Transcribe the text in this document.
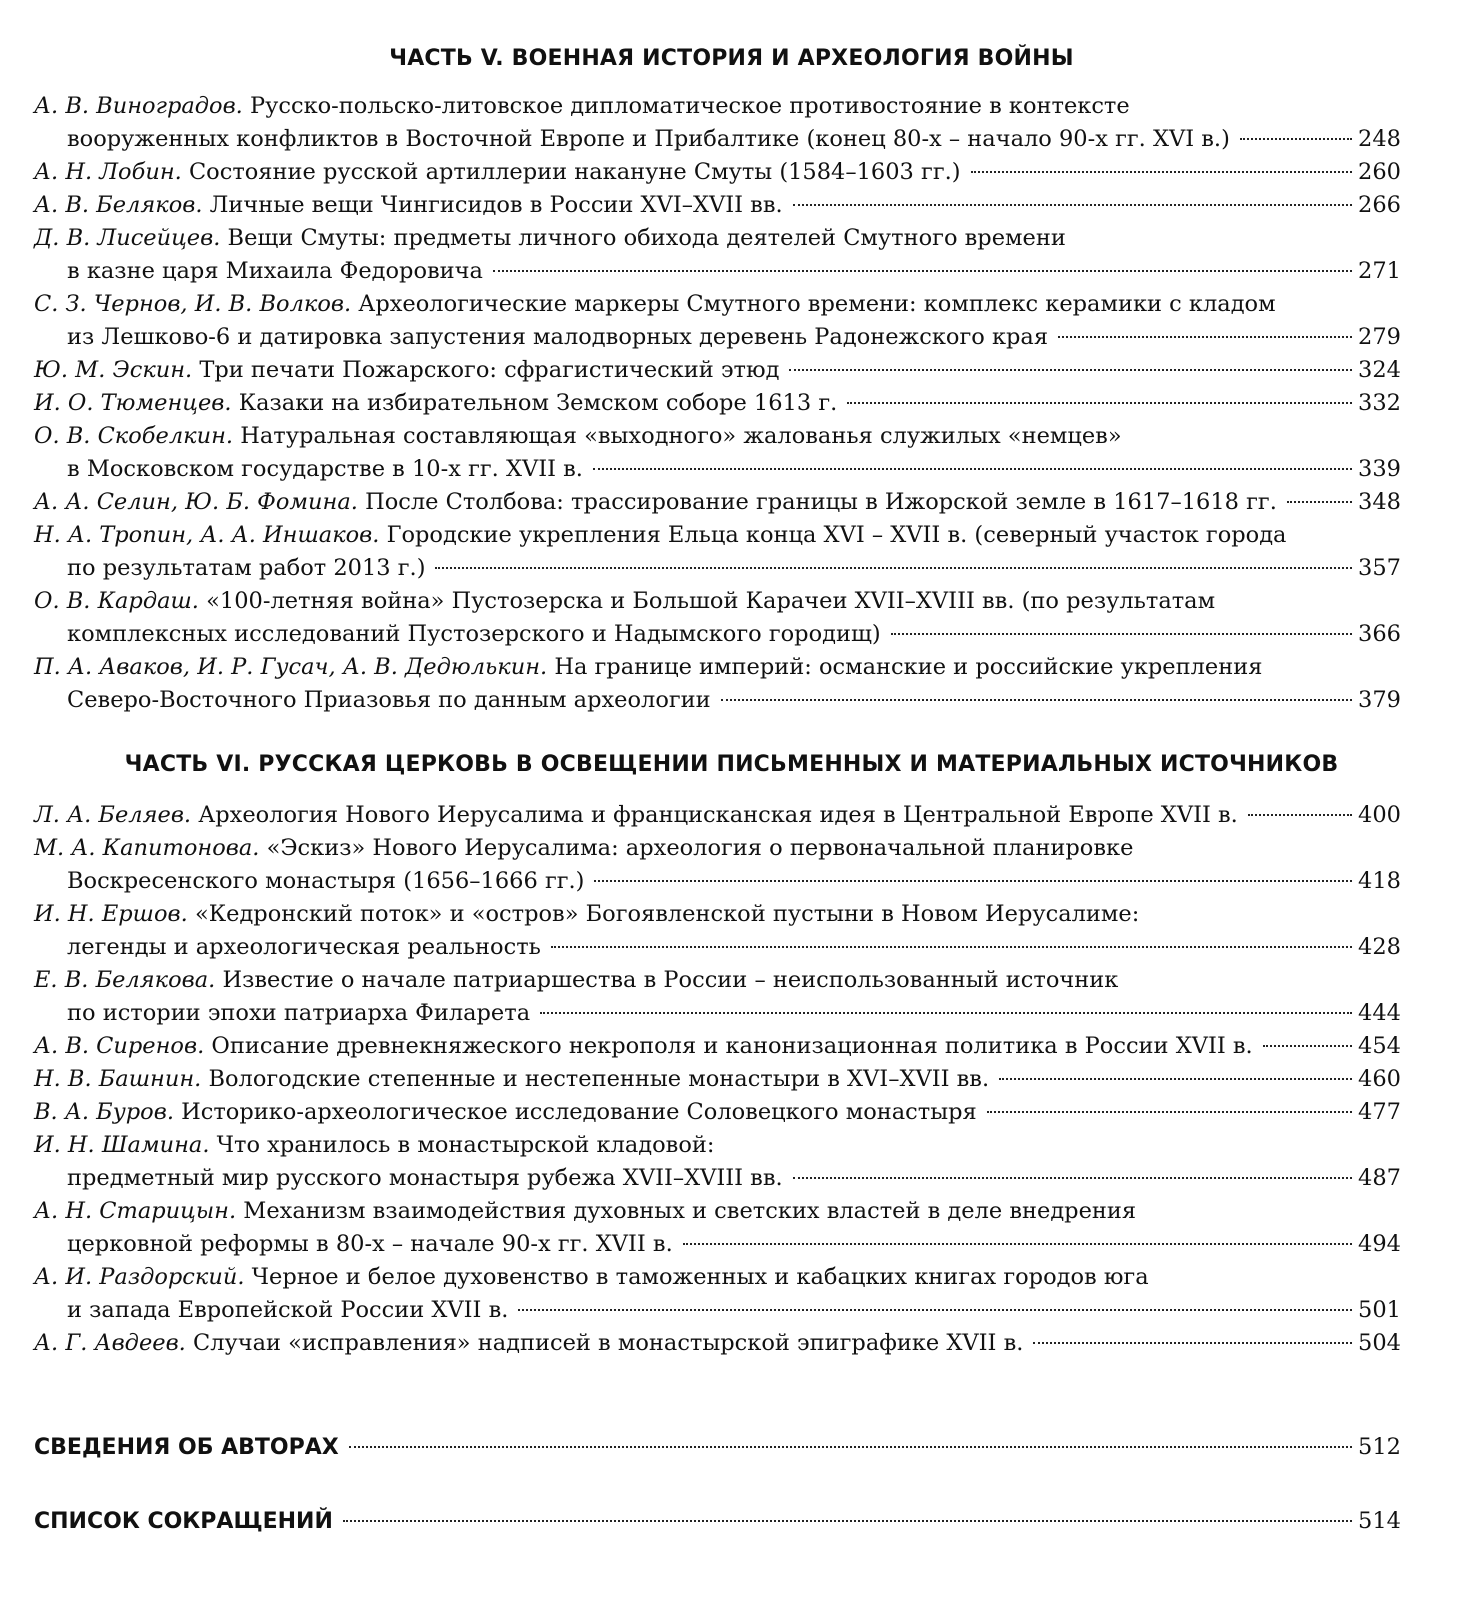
ЧАСТЬ V. ВОЕННАЯ ИСТОРИЯ И АРХЕОЛОГИЯ ВОЙНЫ
А. В. Виноградов. Русско-польско-литовское дипломатическое противостояние в контексте
вооруженных конфликтов в Восточной Европе и Прибалтике (конец 80-х – начало 90-х гг. XVI в.)	248
А. Н. Лобин. Состояние русской артиллерии накануне Смуты (1584–1603 гг.)	260
А. В. Беляков. Личные вещи Чингисидов в России XVI–XVII вв.	266
Д. В. Лисейцев. Вещи Смуты: предметы личного обихода деятелей Смутного времени
в казне царя Михаила Федоровича	271
С. З. Чернов, И. В. Волков. Археологические маркеры Смутного времени: комплекс керамики с кладом
из Лешково-6 и датировка запустения малодворных деревень Радонежского края	279
Ю. М. Эскин. Три печати Пожарского: сфрагистический этюд	324
И. О. Тюменцев. Казаки на избирательном Земском соборе 1613 г.	332
О. В. Скобелкин. Натуральная составляющая «выходного» жалованья служилых «немцев»
в Московском государстве в 10-х гг. XVII в.	339
А. А. Селин, Ю. Б. Фомина. После Столбова: трассирование границы в Ижорской земле в 1617–1618 гг.	348
Н. А. Тропин, А. А. Иншаков. Городские укрепления Ельца конца XVI – XVII в. (северный участок города
по результатам работ 2013 г.)	357
О. В. Кардаш. «100-летняя война» Пустозерска и Большой Карачеи XVII–XVIII вв. (по результатам
комплексных исследований Пустозерского и Надымского городищ)	366
П. А. Аваков, И. Р. Гусач, А. В. Дедюлькин. На границе империй: османские и российские укрепления
Северо-Восточного Приазовья по данным археологии	379
ЧАСТЬ VI. РУССКАЯ ЦЕРКОВЬ В ОСВЕЩЕНИИ ПИСЬМЕННЫХ И МАТЕРИАЛЬНЫХ ИСТОЧНИКОВ
Л. А. Беляев. Археология Нового Иерусалима и францисканская идея в Центральной Европе XVII в.	400
М. А. Капитонова. «Эскиз» Нового Иерусалима: археология о первоначальной планировке
Воскресенского монастыря (1656–1666 гг.)	418
И. Н. Ершов. «Кедронский поток» и «остров» Богоявленской пустыни в Новом Иерусалиме:
легенды и археологическая реальность	428
Е. В. Белякова. Известие о начале патриаршества в России – неиспользованный источник
по истории эпохи патриарха Филарета	444
А. В. Сиренов. Описание древнекняжеского некрополя и канонизационная политика в России XVII в.	454
Н. В. Башнин. Вологодские степенные и нестепенные монастыри в XVI–XVII вв.	460
В. А. Буров. Историко-археологическое исследование Соловецкого монастыря	477
И. Н. Шамина. Что хранилось в монастырской кладовой:
предметный мир русского монастыря рубежа XVII–XVIII вв.	487
А. Н. Старицын. Механизм взаимодействия духовных и светских властей в деле внедрения
церковной реформы в 80-х – начале 90-х гг. XVII в.	494
А. И. Раздорский. Черное и белое духовенство в таможенных и кабацких книгах городов юга
и запада Европейской России XVII в.	501
А. Г. Авдеев. Случаи «исправления» надписей в монастырской эпиграфике XVII в.	504
СВЕДЕНИЯ ОБ АВТОРАХ	512
СПИСОК СОКРАЩЕНИЙ	514
